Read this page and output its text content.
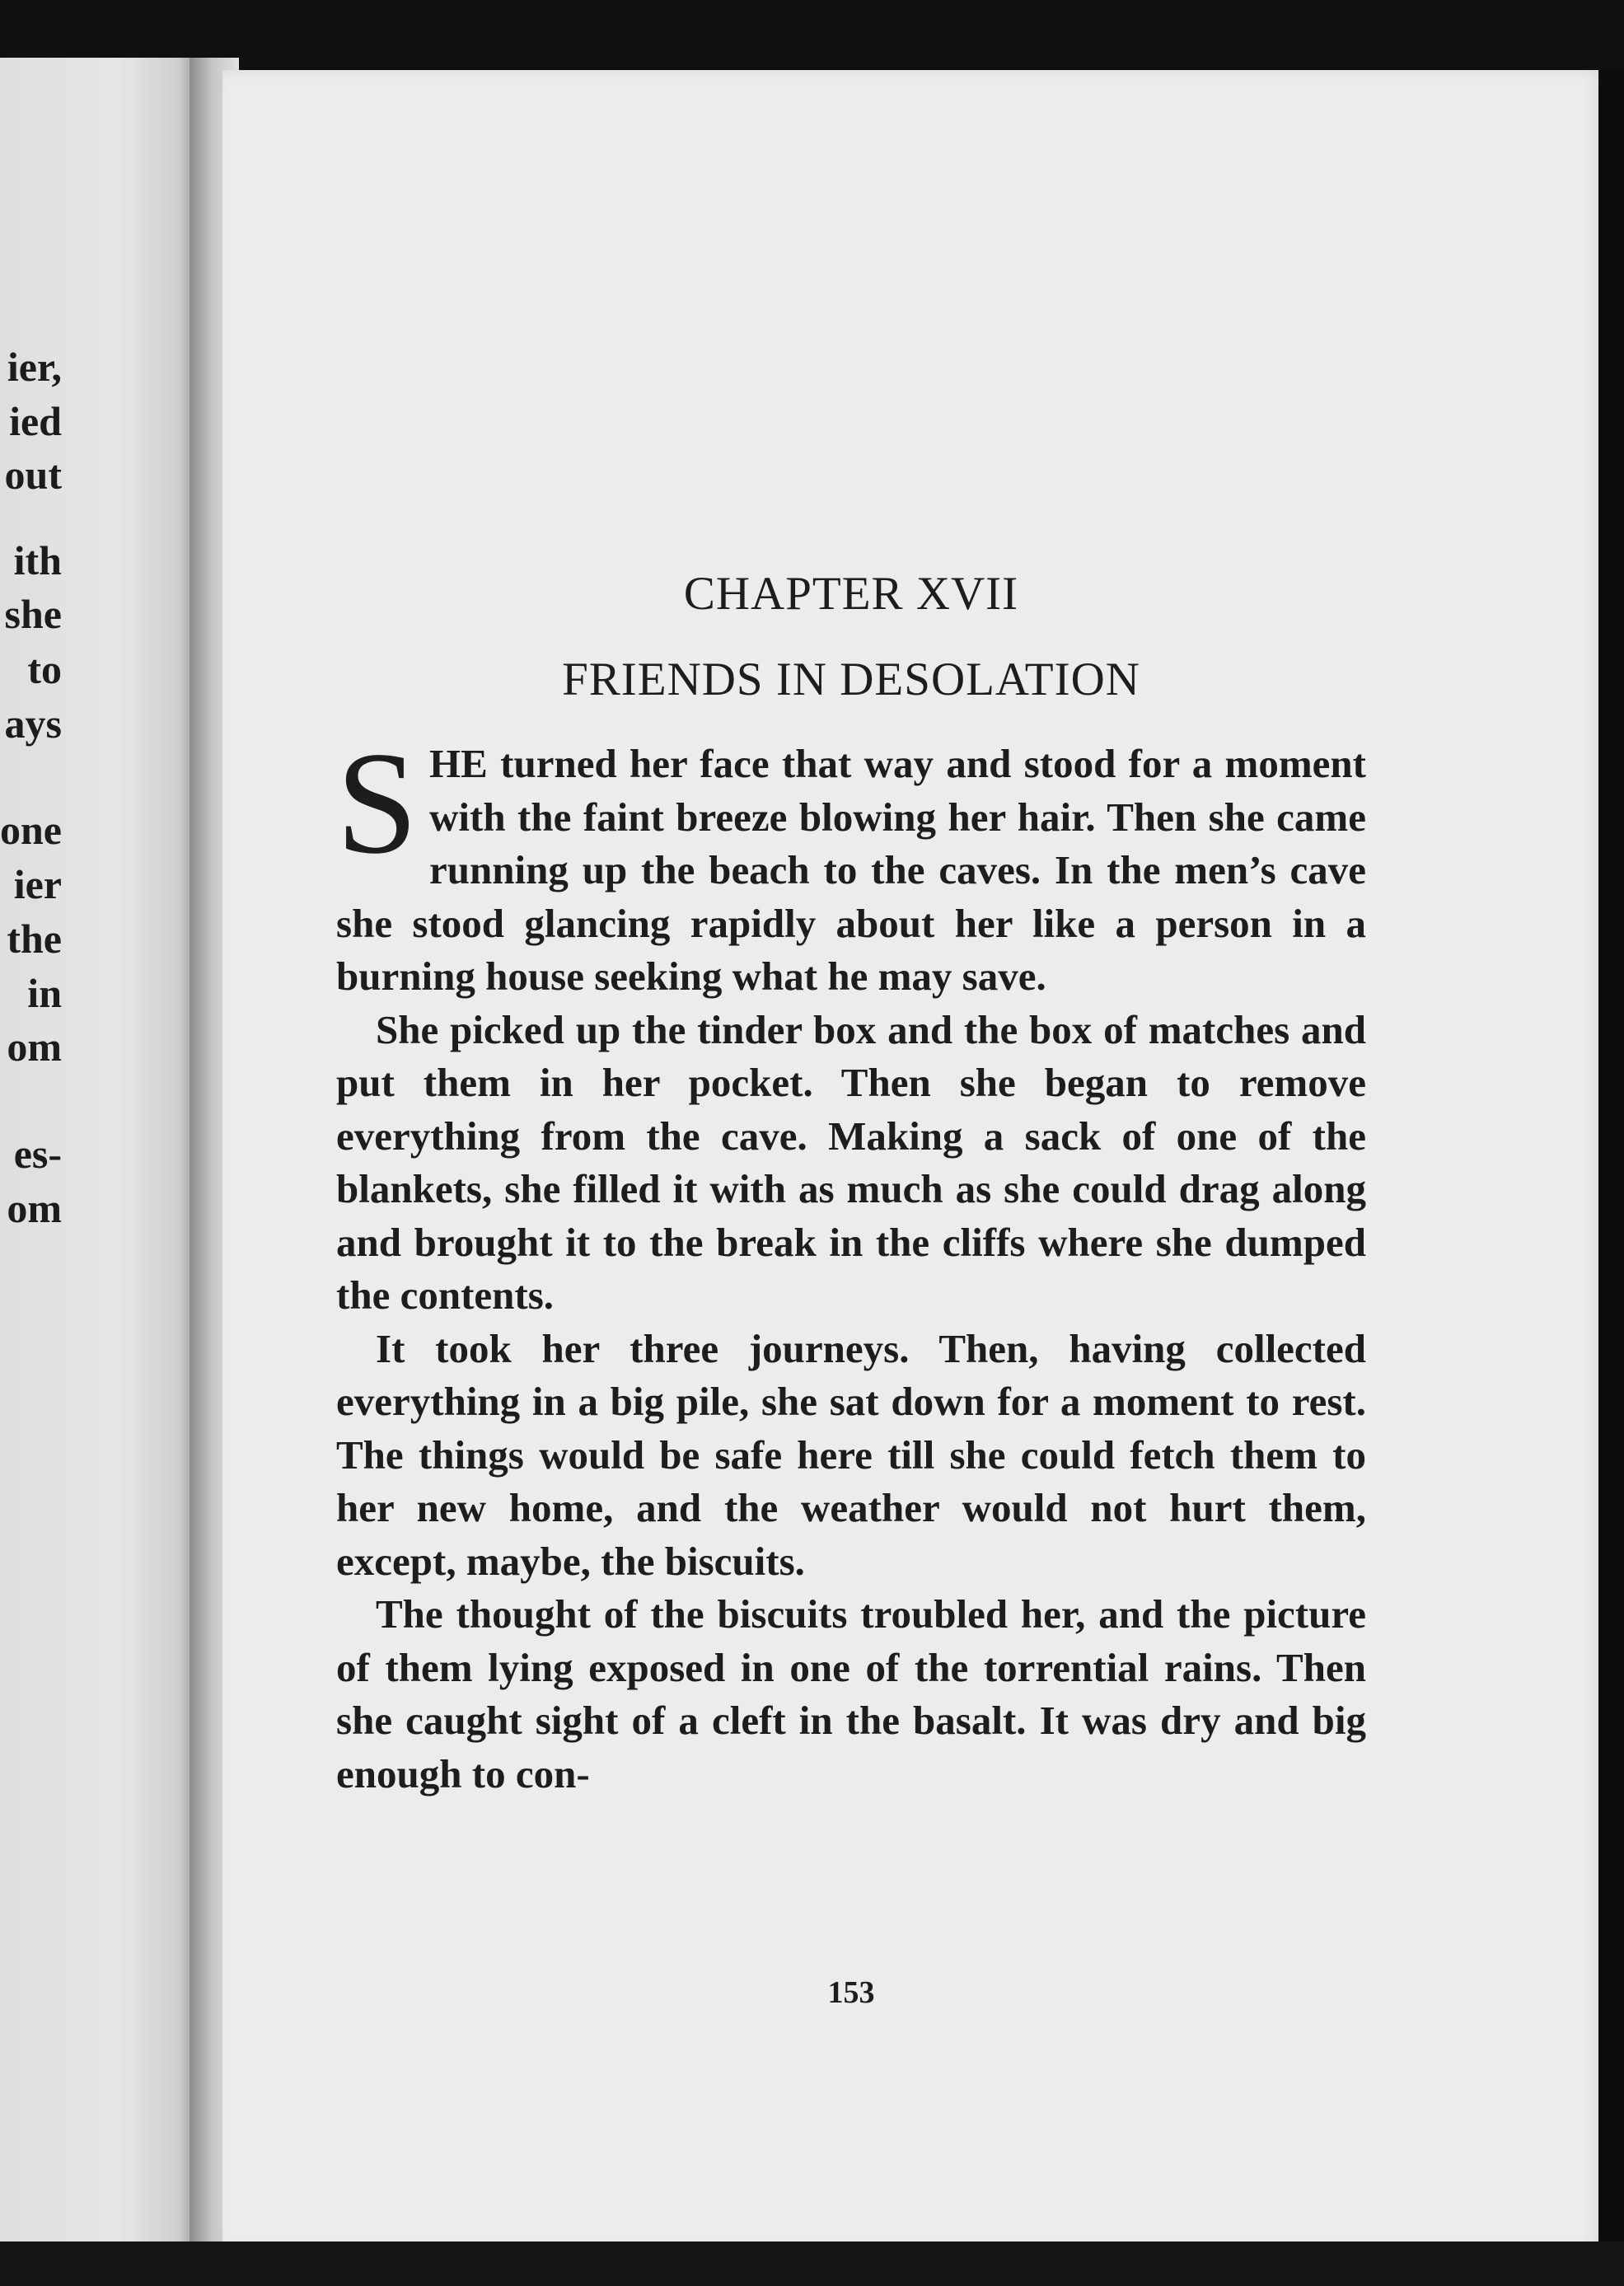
ier,

ied

out

ith

she

to

ays

one

ier

the

in

om

es-

om

CHAPTER XVII
FRIENDS IN DESOLATION

SHE turned her face that way and stood for a moment with the faint breeze blowing her hair. Then she came running up the beach to the caves. In the men’s cave she stood glancing rapidly about her like a person in a burning house seeking what he may save.

She picked up the tinder box and the box of matches and put them in her pocket. Then she began to remove everything from the cave. Making a sack of one of the blankets, she filled it with as much as she could drag along and brought it to the break in the cliffs where she dumped the contents.

It took her three journeys. Then, having collected everything in a big pile, she sat down for a moment to rest. The things would be safe here till she could fetch them to her new home, and the weather would not hurt them, except, maybe, the biscuits.

The thought of the biscuits troubled her, and the picture of them lying exposed in one of the torrential rains. Then she caught sight of a cleft in the basalt. It was dry and big enough to con-

153
